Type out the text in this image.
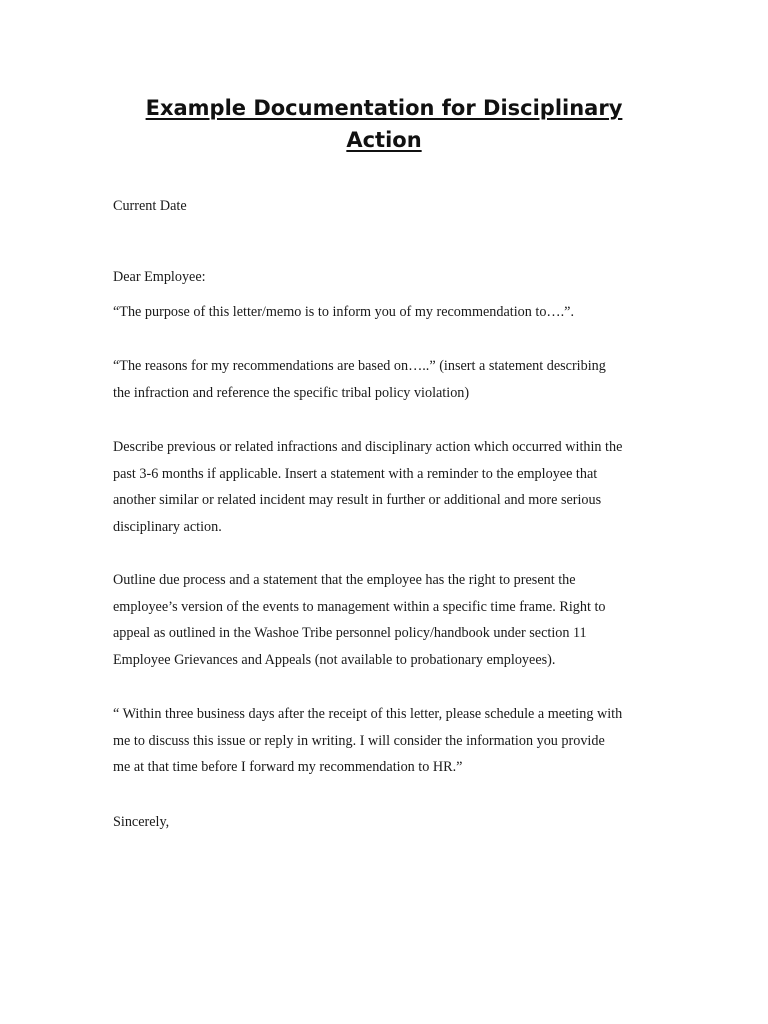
Example Documentation for Disciplinary
Action

Current Date

Dear Employee:

“The purpose of this letter/memo is to inform you of my recommendation to….”.

“The reasons for my recommendations are based on…..” (insert a statement describing
the infraction and reference the specific tribal policy violation)

Describe previous or related infractions and disciplinary action which occurred within the
past 3-6 months if applicable. Insert a statement with a reminder to the employee that
another similar or related incident may result in further or additional and more serious
disciplinary action.

Outline due process and a statement that the employee has the right to present the
employee’s version of the events to management within a specific time frame. Right to
appeal as outlined in the Washoe Tribe personnel policy/handbook under section 11
Employee Grievances and Appeals (not available to probationary employees).

“ Within three business days after the receipt of this letter, please schedule a meeting with
me to discuss this issue or reply in writing. I will consider the information you provide
me at that time before I forward my recommendation to HR.”

Sincerely,
